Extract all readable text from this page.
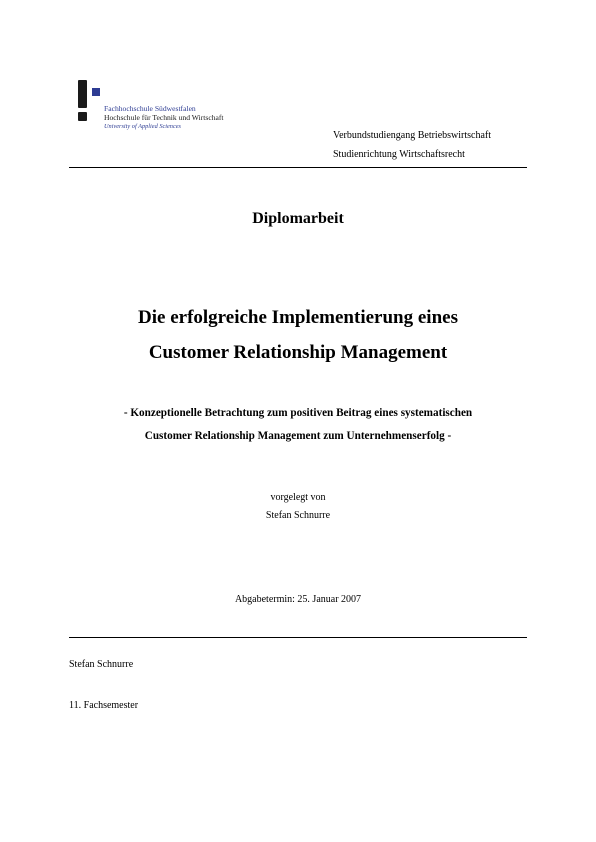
Fachhochschule Südwestfalen
Hochschule für Technik und Wirtschaft
University of Applied Sciences
Verbundstudiengang Betriebswirtschaft
Studienrichtung Wirtschaftsrecht
Diplomarbeit
Die erfolgreiche Implementierung eines
Customer Relationship Management
- Konzeptionelle Betrachtung zum positiven Beitrag eines systematischen
Customer Relationship Management zum Unternehmenserfolg -
vorgelegt von
Stefan Schnurre
Abgabetermin: 25. Januar 2007
Stefan Schnurre
11. Fachsemester
